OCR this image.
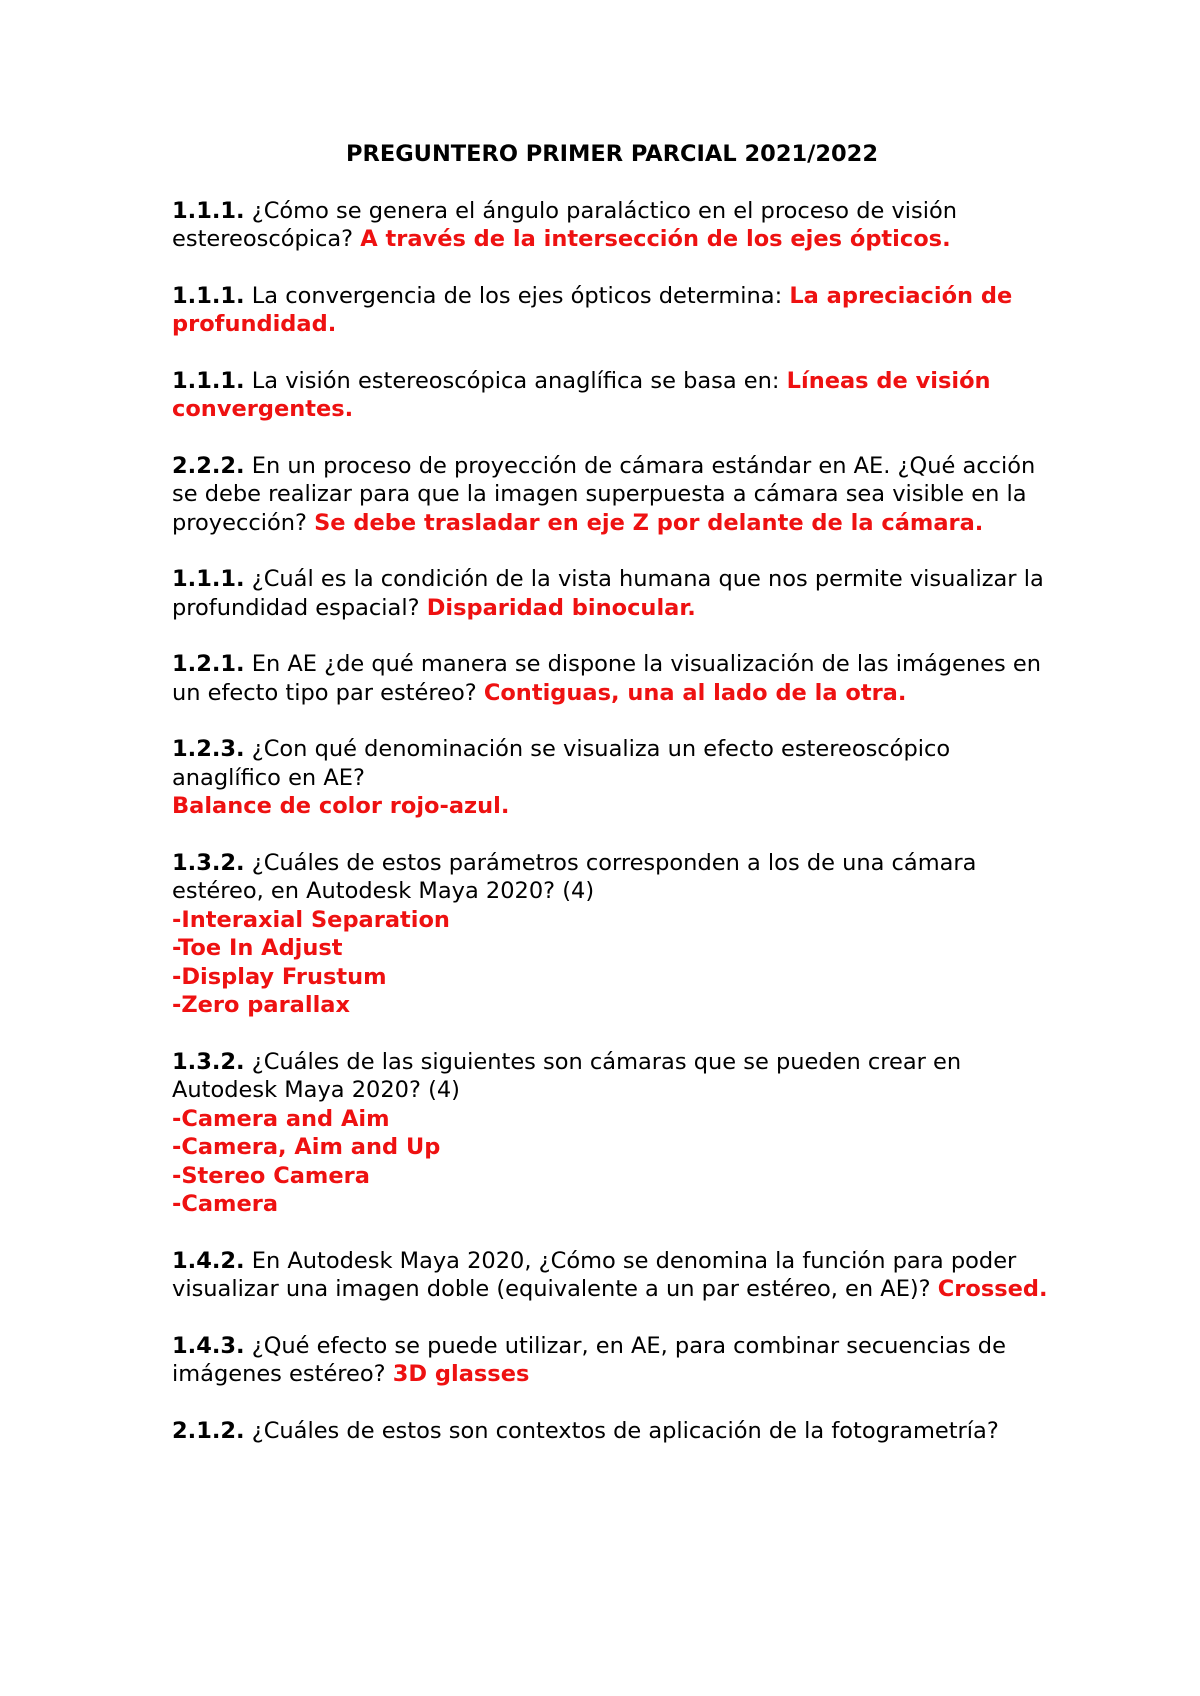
PREGUNTERO PRIMER PARCIAL 2021/2022
1.1.1. ¿Cómo se genera el ángulo paraláctico en el proceso de visión estereoscópica? A través de la intersección de los ejes ópticos.
1.1.1. La convergencia de los ejes ópticos determina: La apreciación de profundidad.
1.1.1. La visión estereoscópica anaglífica se basa en: Líneas de visión convergentes.
2.2.2. En un proceso de proyección de cámara estándar en AE. ¿Qué acción se debe realizar para que la imagen superpuesta a cámara sea visible en la proyección? Se debe trasladar en eje Z por delante de la cámara.
1.1.1. ¿Cuál es la condición de la vista humana que nos permite visualizar la profundidad espacial? Disparidad binocular.
1.2.1. En AE ¿de qué manera se dispone la visualización de las imágenes en un efecto tipo par estéreo? Contiguas, una al lado de la otra.
1.2.3. ¿Con qué denominación se visualiza un efecto estereoscópico anaglífico en AE?
Balance de color rojo-azul.
1.3.2. ¿Cuáles de estos parámetros corresponden a los de una cámara estéreo, en Autodesk Maya 2020? (4)
-Interaxial Separation
-Toe In Adjust
-Display Frustum
-Zero parallax
1.3.2. ¿Cuáles de las siguientes son cámaras que se pueden crear en Autodesk Maya 2020? (4)
-Camera and Aim
-Camera, Aim and Up
-Stereo Camera
-Camera
1.4.2. En Autodesk Maya 2020, ¿Cómo se denomina la función para poder visualizar una imagen doble (equivalente a un par estéreo, en AE)? Crossed.
1.4.3. ¿Qué efecto se puede utilizar, en AE, para combinar secuencias de imágenes estéreo? 3D glasses
2.1.2. ¿Cuáles de estos son contextos de aplicación de la fotogrametría?
